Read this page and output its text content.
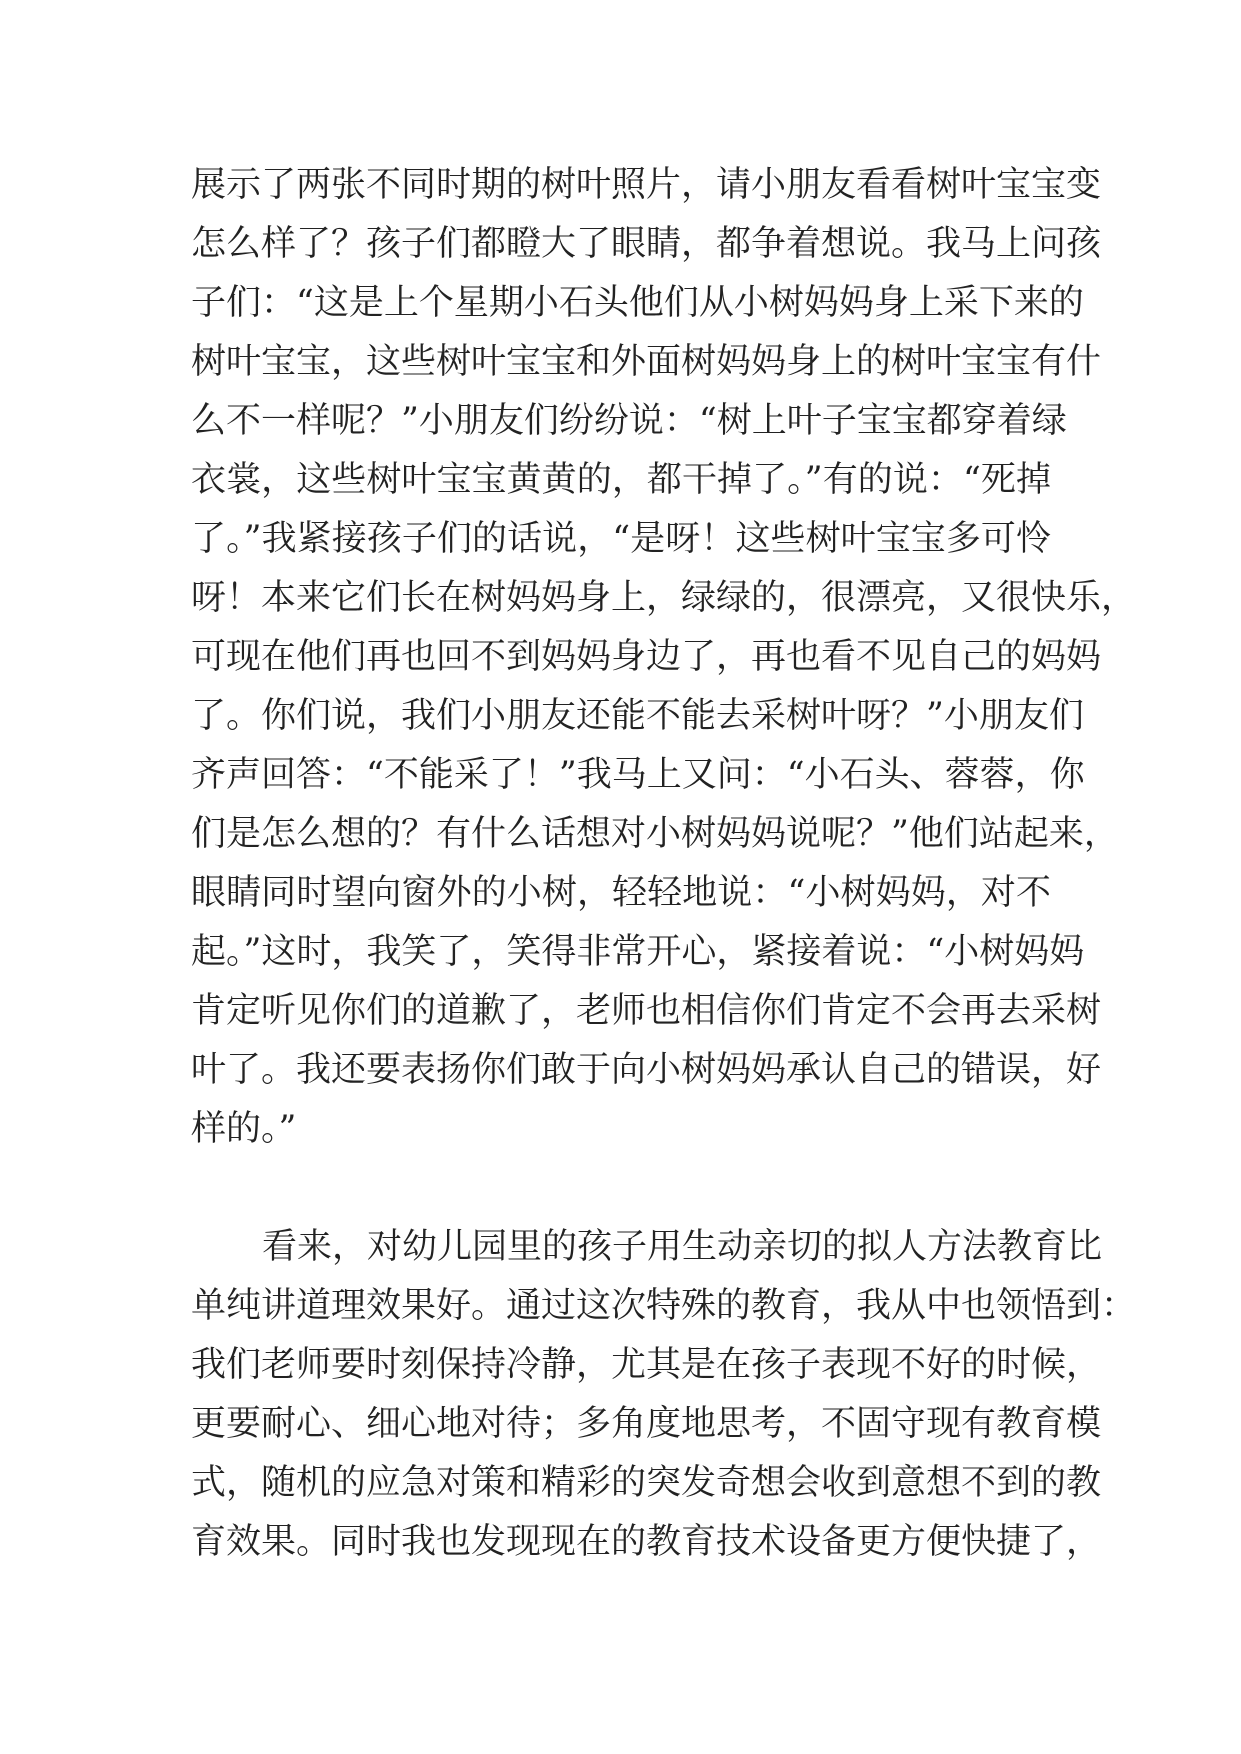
展示了两张不同时期的树叶照片，请小朋友看看树叶宝宝变
怎么样了？孩子们都瞪大了眼睛，都争着想说。我马上问孩
子们：“这是上个星期小石头他们从小树妈妈身上采下来的
树叶宝宝，这些树叶宝宝和外面树妈妈身上的树叶宝宝有什
么不一样呢？”小朋友们纷纷说：“树上叶子宝宝都穿着绿
衣裳，这些树叶宝宝黄黄的，都干掉了。”有的说：“死掉
了。”我紧接孩子们的话说，“是呀！这些树叶宝宝多可怜
呀！本来它们长在树妈妈身上，绿绿的，很漂亮，又很快乐，
可现在他们再也回不到妈妈身边了，再也看不见自己的妈妈
了。你们说，我们小朋友还能不能去采树叶呀？”小朋友们
齐声回答：“不能采了！”我马上又问：“小石头、蓉蓉，你
们是怎么想的？有什么话想对小树妈妈说呢？”他们站起来，
眼睛同时望向窗外的小树，轻轻地说：“小树妈妈，对不
起。”这时，我笑了，笑得非常开心，紧接着说：“小树妈妈
肯定听见你们的道歉了，老师也相信你们肯定不会再去采树
叶了。我还要表扬你们敢于向小树妈妈承认自己的错误，好
样的。”
看来，对幼儿园里的孩子用生动亲切的拟人方法教育比
单纯讲道理效果好。通过这次特殊的教育，我从中也领悟到：
我们老师要时刻保持冷静，尤其是在孩子表现不好的时候，
更要耐心、细心地对待；多角度地思考，不固守现有教育模
式，随机的应急对策和精彩的突发奇想会收到意想不到的教
育效果。同时我也发现现在的教育技术设备更方便快捷了，
